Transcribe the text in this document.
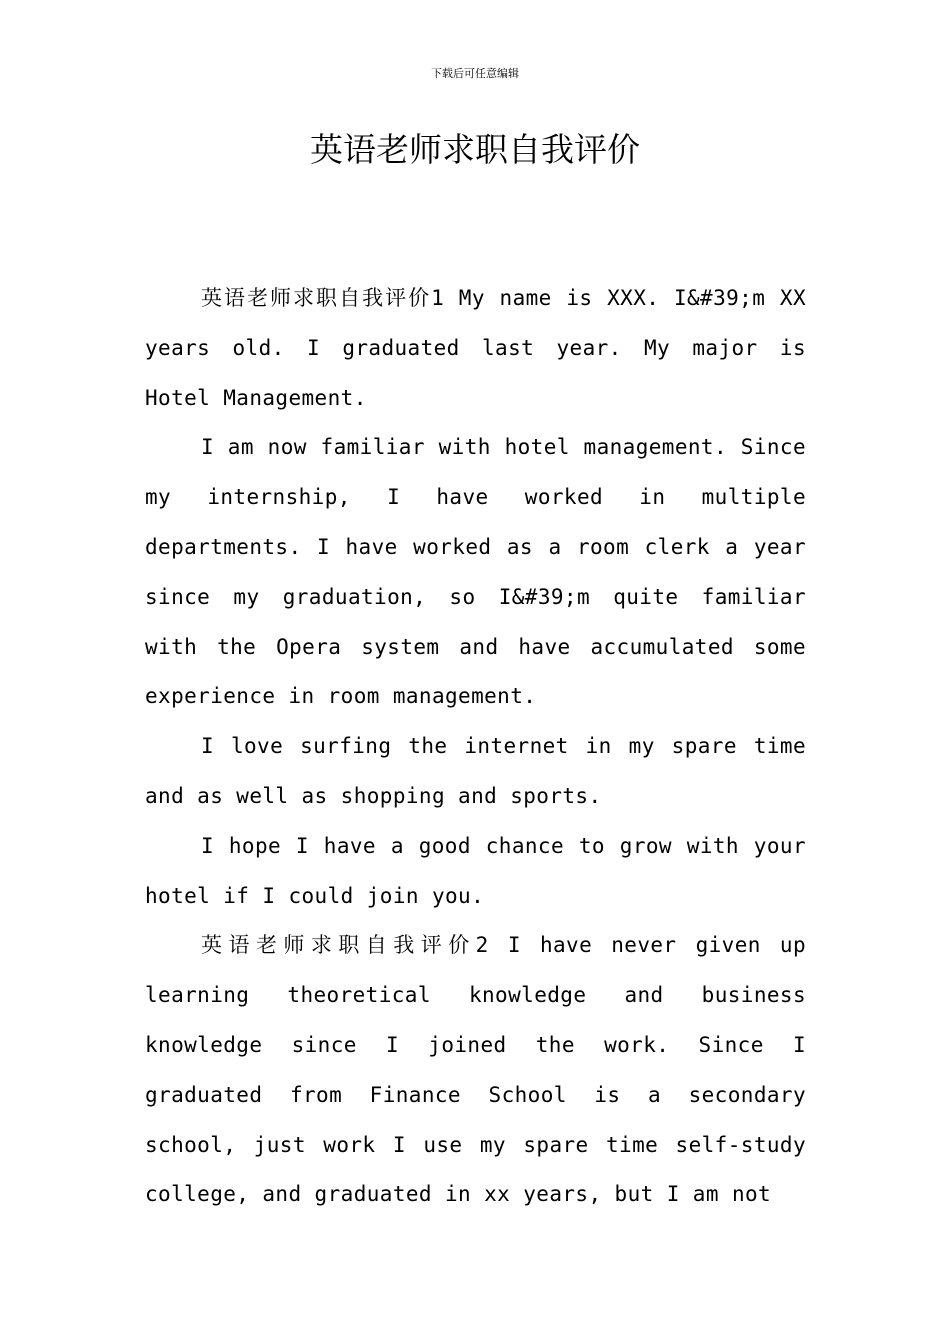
下载后可任意编辑
英语老师求职自我评价

英语老师求职自我评价1 My name is XXX. I&#39;m XX years old. I graduated last year. My major is Hotel Management.

I am now familiar with hotel management. Since my internship, I have worked in multiple departments. I have worked as a room clerk a year since my graduation, so I&#39;m quite familiar with the Opera system and have accumulated some experience in room management.

I love surfing the internet in my spare time and as well as shopping and sports.

I hope I have a good chance to grow with your hotel if I could join you.

英语老师求职自我评价2 I have never given up learning theoretical knowledge and business knowledge since I joined the work. Since I graduated from Finance School is a secondary school, just work I use my spare time self-study college, and graduated in xx years, but I am not
